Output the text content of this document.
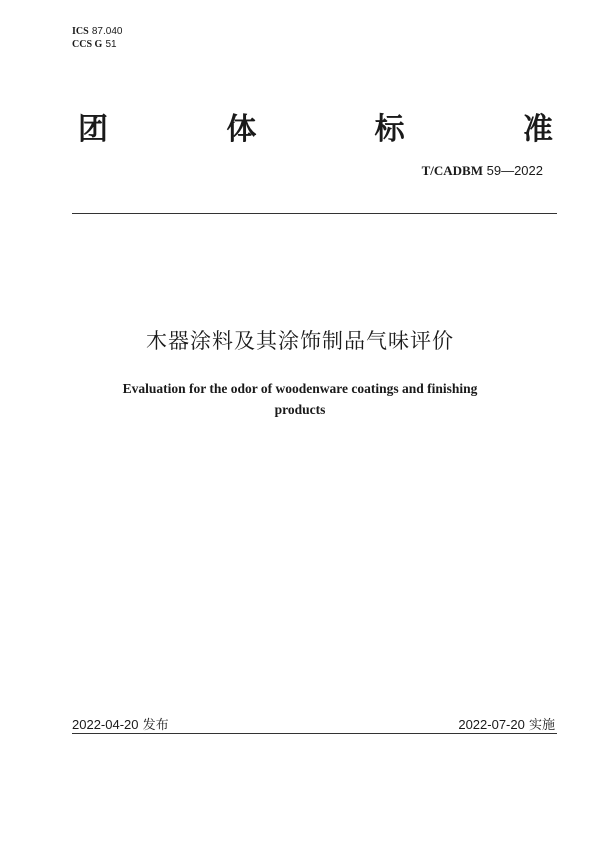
ICS 87.040
CCS G 51
团	体	标	准
T/CADBM 59—2022
木器涂料及其涂饰制品气味评价
Evaluation for the odor of woodenware coatings and finishing
products
2022-04-20 发布	2022-07-20 实施
